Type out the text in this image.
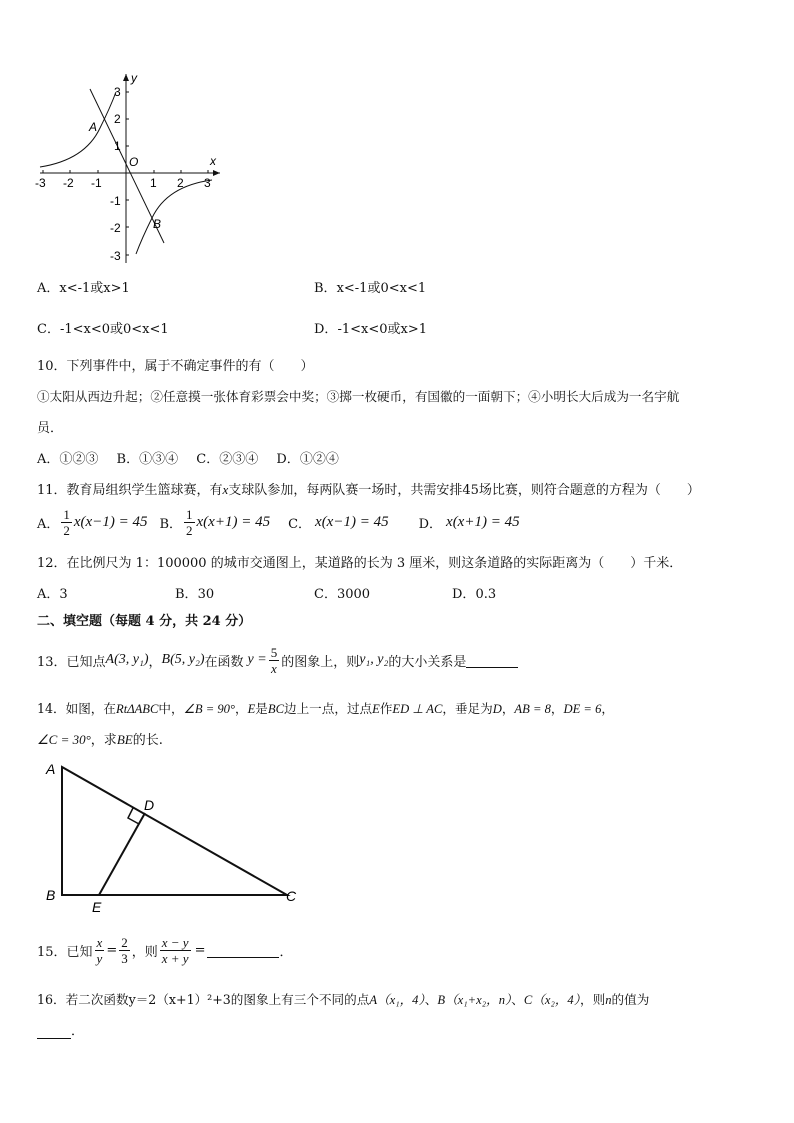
x
y
O
A
B
-3 -2 -1	1 2 3
3
2
1
-1
-2
-3
A．x<-1或x>1	B．x<-1或0<x<1
C．-1<x<0或0<x<1	D．-1<x<0或x>1
10．下列事件中，属于不确定事件的有（　　）
①太阳从西边升起；②任意摸一张体育彩票会中奖；③掷一枚硬币，有国徽的一面朝下；④小明长大后成为一名宇航
员．
A．①②③ B．①③④ C．②③④ D．①②④
11．教育局组织学生篮球赛，有x支球队参加，每两队赛一场时，共需安排45场比赛，则符合题意的方程为（　　）
A． $\frac{1}{2} x(x-1) = 45$ B． $\frac{1}{2} x(x+1) = 45$ C． x(x−1) = 45 D． x(x+1) = 45
12．在比例尺为 1：100000 的城市交通图上，某道路的长为 3 厘米，则这条道路的实际距离为（　　）千米．
A．3	B．30	C．3000	D．0.3
二、填空题（每题 4 分，共 24 分）
13．已知点 A(3, y₁) ， B(5, y₂) 在函数 $y = \frac{5}{x}$ 的图象上，则 y₁, y₂ 的大小关系是
14．如图，在RtΔABC中，∠B = 90°，E是BC边上一点，过点E作ED ⊥ AC，垂足为D，AB = 8，DE = 6，
∠C = 30°，求BE的长.
A
B	C
D
E
15．已知 $\frac{x}{y} = \frac{2}{3}$ ，则 $\frac{x - y}{x + y}$ =	．
16．若二次函数y＝2（x+1）²+3的图象上有三个不同的点A（x₁，4）、B（x₁+x₂，n）、C（x₂，4），则n的值为
．
